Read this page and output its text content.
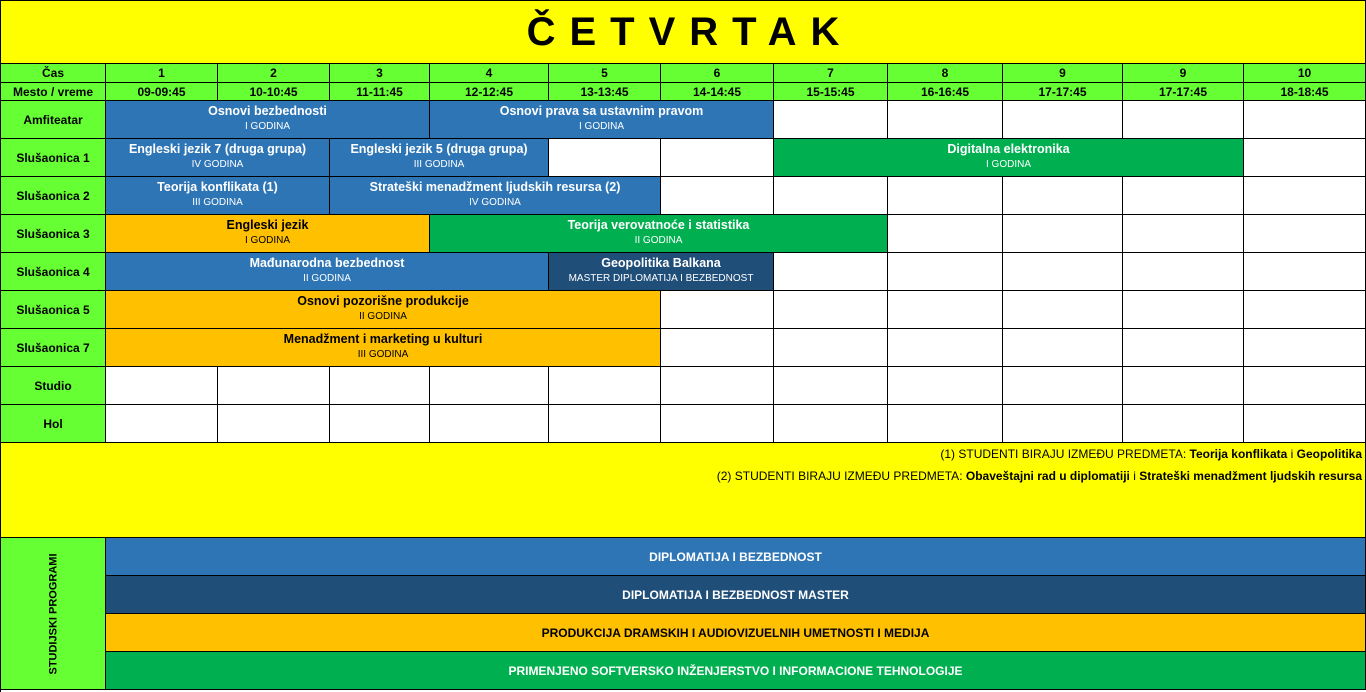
ČETVRTAK
Čas
Mesto / vreme
1
09-09:45
2
10-10:45
3
11-11:45
4
12-12:45
5
13-13:45
6
14-14:45
7
15-15:45
8
16-16:45
9
17-17:45
9
17-17:45
10
18-18:45
Amfiteatar
Osnovi bezbednosti
I GODINA
Osnovi prava sa ustavnim pravom
I GODINA
Slušaonica 1
Engleski jezik 7 (druga grupa)
IV GODINA
Engleski jezik 5 (druga grupa)
III GODINA
Digitalna elektronika
I GODINA
Slušaonica 2
Teorija konflikata (1)
III GODINA
Strateški menadžment ljudskih resursa (2)
IV GODINA
Slušaonica 3
Engleski jezik
I GODINA
Teorija verovatnoće i statistika
II GODINA
Slušaonica 4
Mađunarodna bezbednost
II GODINA
Geopolitika Balkana
MASTER DIPLOMATIJA I BEZBEDNOST
Slušaonica 5
Osnovi pozorišne produkcije
II GODINA
Slušaonica 7
Menadžment i marketing u kulturi
III GODINA
Studio
Hol
(1) STUDENTI BIRAJU IZMEĐU PREDMETA: Teorija konflikata i Geopolitika
(2) STUDENTI BIRAJU IZMEĐU PREDMETA: Obaveštajni rad u diplomatiji i Strateški menadžment ljudskih resursa
STUDIJSKI PROGRAMI	DIPLOMATIJA I BEZBEDNOST
DIPLOMATIJA I BEZBEDNOST MASTER
PRODUKCIJA DRAMSKIH I AUDIOVIZUELNIH UMETNOSTI I MEDIJA
PRIMENJENO SOFTVERSKO INŽENJERSTVO I INFORMACIONE TEHNOLOGIJE
